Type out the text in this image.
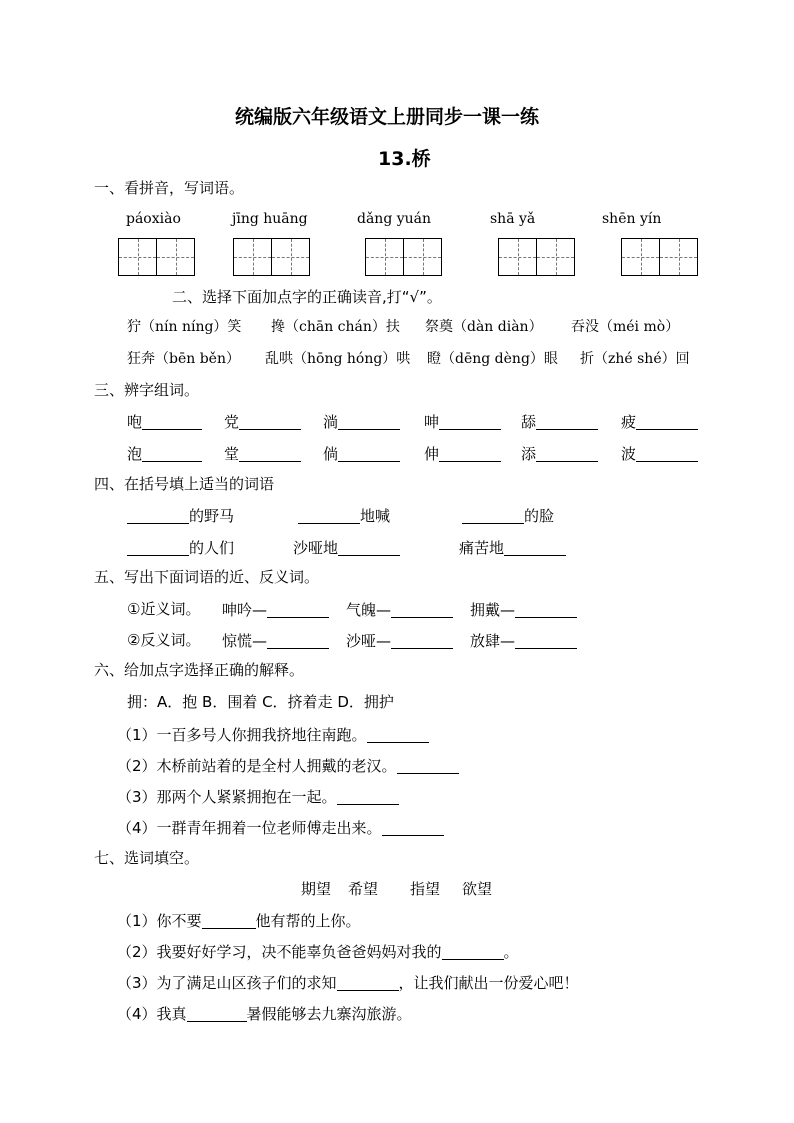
统编版六年级语文上册同步一课一练
13.桥
一、看拼音，写词语。
páoxiào	jīng huāng	dǎng yuán	shā yǎ	shēn yín
二、选择下面加点字的正确读音,打“√”。
狞（nín níng）笑 搀（chān chán）扶 祭奠（dàn diàn） 吞没（méi mò）
狂奔（bēn běn） 乱哄（hōng hóng）哄 瞪（dēng dèng）眼 折（zhé shé）回
三、辨字组词。
咆	党	淌	呻	舔	疲
泡	堂	倘	伸	添	波
四、在括号填上适当的词语
的野马	地喊	的脸
的人们	沙哑地	痛苦地
五、写出下面词语的近、反义词。
①近义词。 呻吟—	气魄—	拥戴—
②反义词。 惊慌—	沙哑—	放肆—
六、给加点字选择正确的解释。
拥：A．抱 B．围着 C．挤着走 D．拥护
（1）一百多号人你拥我挤地往南跑。
（2）木桥前站着的是全村人拥戴的老汉。
（3）那两个人紧紧拥抱在一起。
（4）一群青年拥着一位老师傅走出来。
七、选词填空。
期望 希望 指望 欲望
（1）你不要	他有帮的上你。
（2）我要好好学习，决不能辜负爸爸妈妈对我的	。
（3）为了满足山区孩子们的求知	，让我们献出一份爱心吧！
（4）我真	暑假能够去九寨沟旅游。
